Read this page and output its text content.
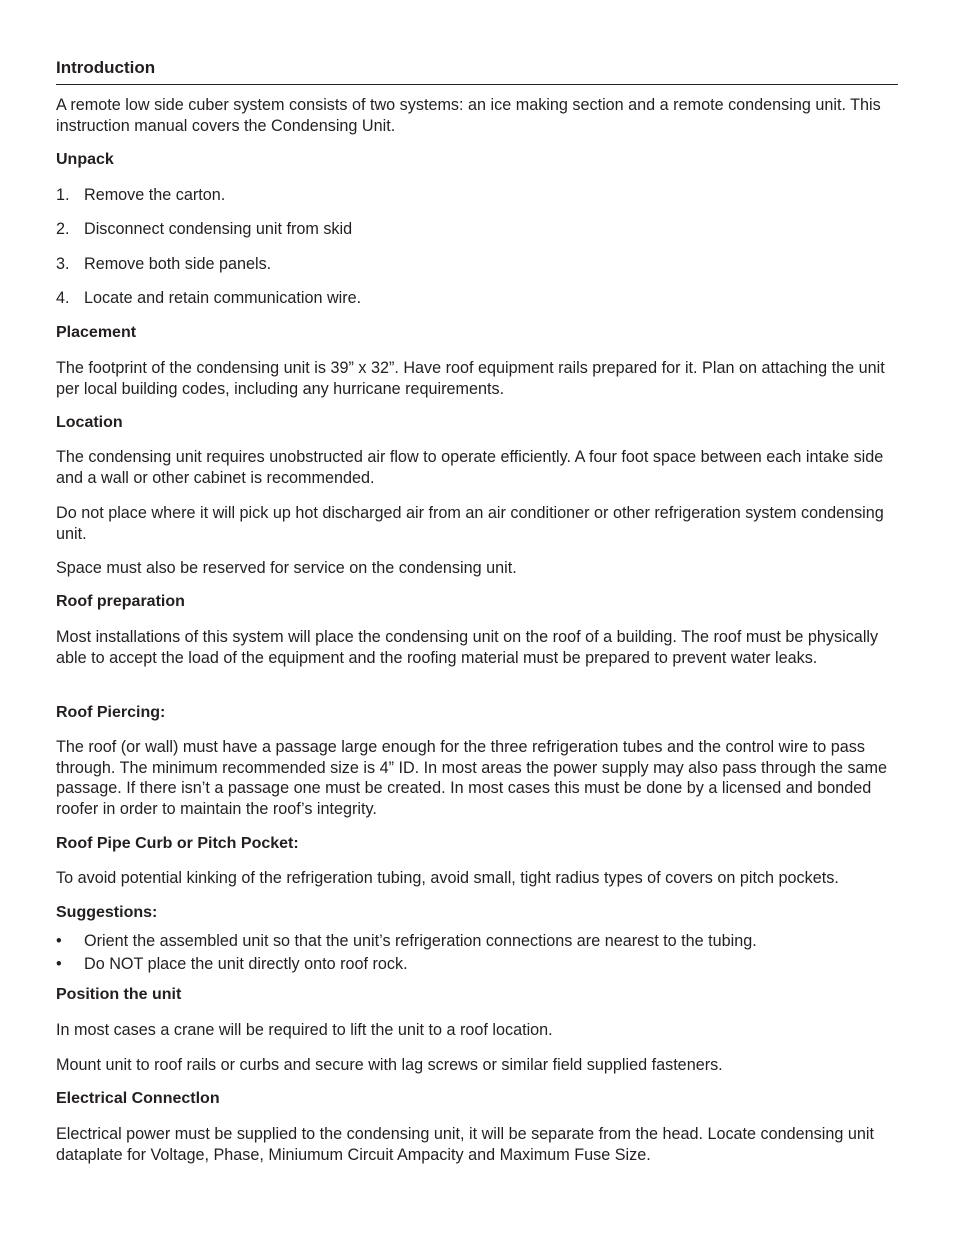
Introduction

A remote low side cuber system consists of two systems: an ice making section and a remote condensing unit. This instruction manual covers the Condensing Unit.

Unpack
1. Remove the carton.
2. Disconnect condensing unit from skid
3. Remove both side panels.
4. Locate and retain communication wire.
Placement

The footprint of the condensing unit is 39” x 32”. Have roof equipment rails prepared for it. Plan on attaching the unit per local building codes, including any hurricane requirements.

Location

The condensing unit requires unobstructed air flow to operate efficiently. A four foot space between each intake side and a wall or other cabinet is recommended.

Do not place where it will pick up hot discharged air from an air conditioner or other refrigeration system condensing unit.

Space must also be reserved for service on the condensing unit.

Roof preparation

Most installations of this system will place the condensing unit on the roof of a building. The roof must be physically able to accept the load of the equipment and the roofing material must be prepared to prevent water leaks.

Roof Piercing:

The roof (or wall) must have a passage large enough for the three refrigeration tubes and the control wire to pass through. The minimum recommended size is 4” ID. In most areas the power supply may also pass through the same passage. If there isn’t a passage one must be created. In most cases this must be done by a licensed and bonded roofer in order to maintain the roof’s integrity.

Roof Pipe Curb or Pitch Pocket:

To avoid potential kinking of the refrigeration tubing, avoid small, tight radius types of covers on pitch pockets.

Suggestions:
• Orient the assembled unit so that the unit’s refrigeration connections are nearest to the tubing.
• Do NOT place the unit directly onto roof rock.
Position the unit

In most cases a crane will be required to lift the unit to a roof location.

Mount unit to roof rails or curbs and secure with lag screws or similar field supplied fasteners.

Electrical Connectlon

Electrical power must be supplied to the condensing unit, it will be separate from the head. Locate condensing unit dataplate for Voltage, Phase, Miniumum Circuit Ampacity and Maximum Fuse Size.
